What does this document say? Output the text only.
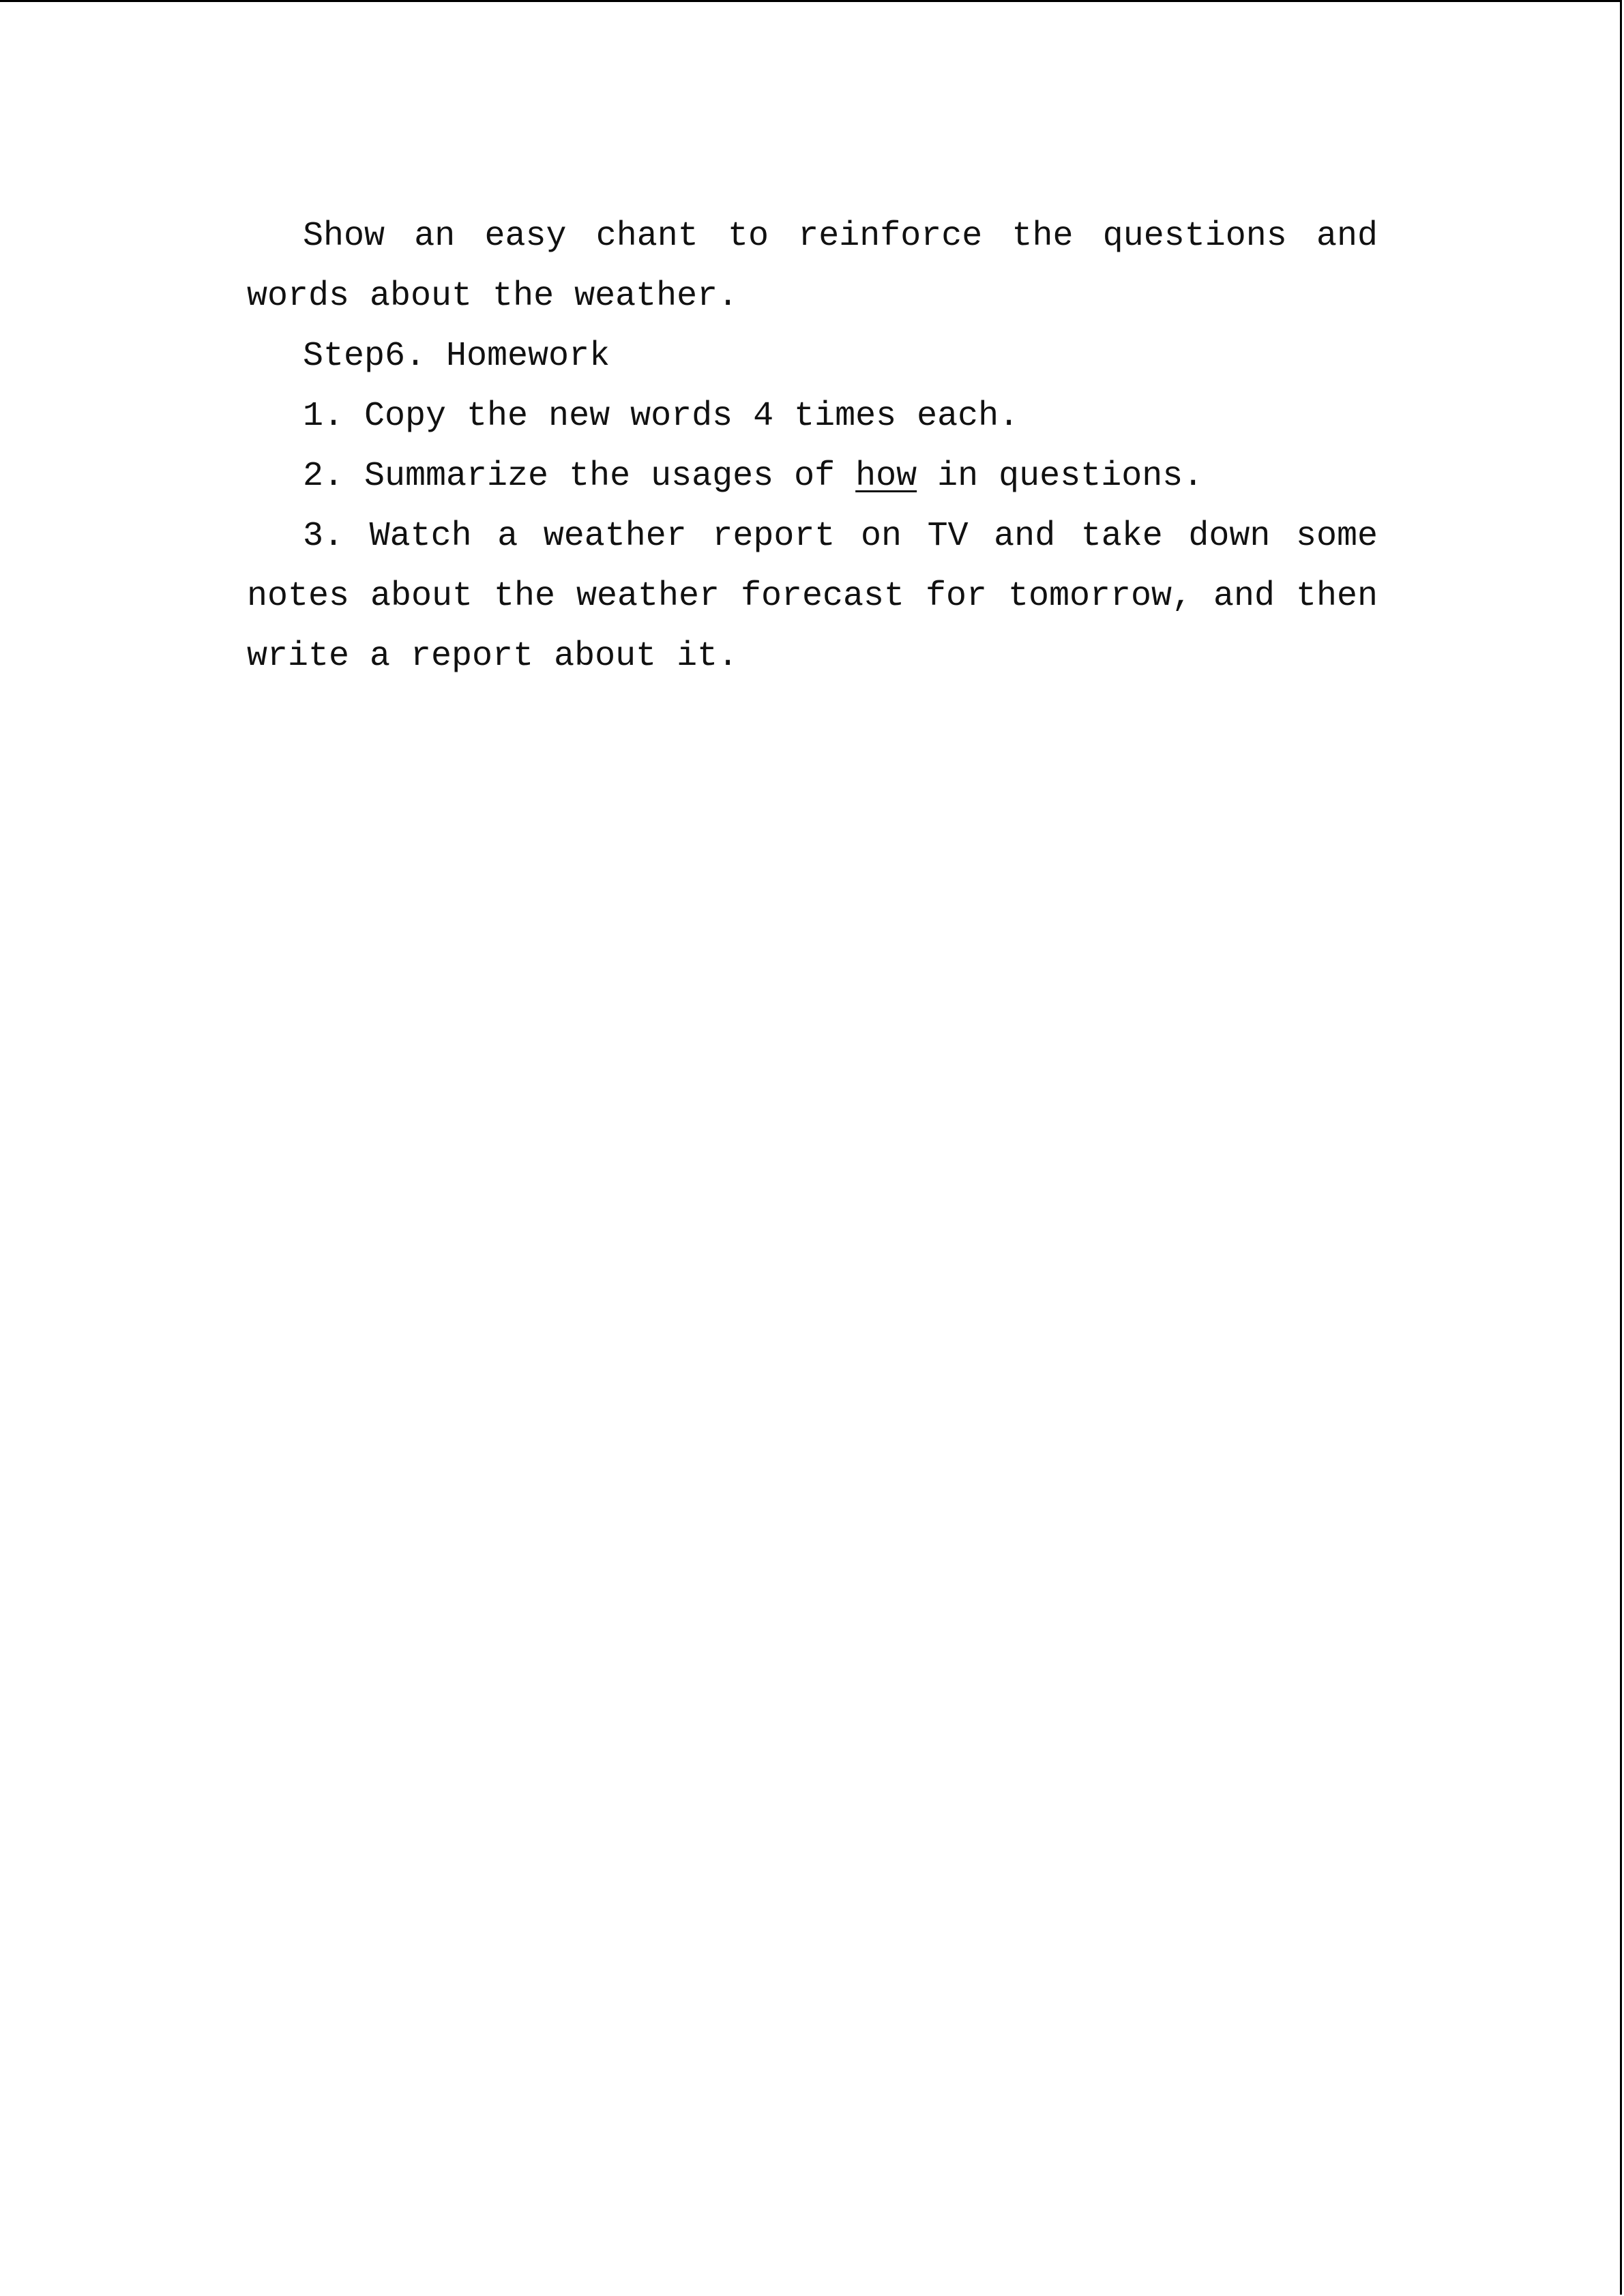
Show an easy chant to reinforce the questions and words about the weather.

Step6. Homework

1. Copy the new words 4 times each.

2. Summarize the usages of how in questions.

3. Watch a weather report on TV and take down some notes about the weather forecast for tomorrow, and then write a report about it.
